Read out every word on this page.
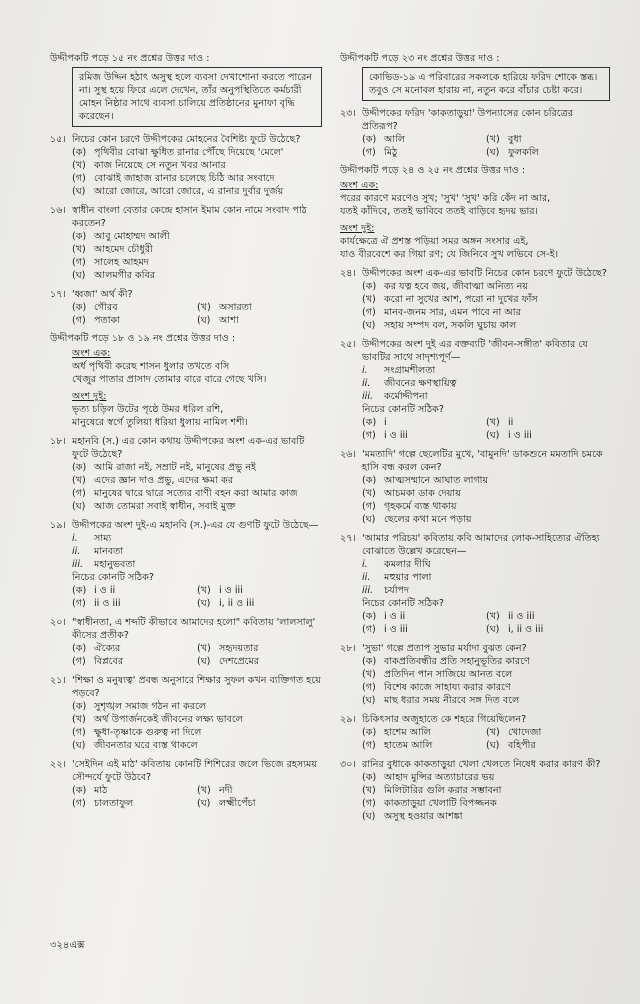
উদ্দীপকটি পড়ে ১৫ নং প্রশ্নের উত্তর দাও :

রমিজ উদ্দিন হঠাৎ অসুস্থ হলে ব্যবসা দেখাশোনা করতে পারেন না। সুস্থ হয়ে ফিরে এলে দেখেন, তাঁর অনুপস্থিতিতে কর্মচারী মোহন নিষ্ঠার সাথে ব্যবসা চালিয়ে প্রতিষ্ঠানের মুনাফা বৃদ্ধি করেছেন।
১৫। নিচের কোন চরণে উদ্দীপকের মোহনের বৈশিষ্ট্য ফুটে উঠেছে?
(ক) পৃথিবীর বোঝা ক্ষুধিত রানার পৌঁছে দিয়েছে 'মেলে'
(খ) কাজ নিয়েছে সে নতুন খবর আনার
(গ) বোঝাই জাহাজ রানার চলেছে চিঠি আর সংবাদে
(ঘ) আরো জোরে, আরো জোরে, এ রানার দুর্বার দুর্জয়
১৬। স্বাধীন বাংলা বেতার কেন্দ্রে হাসান ইমাম কোন নামে সংবাদ পাঠ করতেন?
(ক) আবু মোহাম্মদ আলী
(খ) আহমেদ চৌধুরী
(গ) সালেহ আহমদ
(ঘ) আলমগীর কবির
১৭। 'ধ্বজা' অর্থ কী?
(ক) গৌরব	(খ) অসারতা
(গ) পতাকা	(ঘ) আশা

উদ্দীপকটি পড়ে ১৮ ও ১৯ নং প্রশ্নের উত্তর দাও :

অংশ এক:
অর্ধ পৃথিবী করেছ শাসন ধুলার তখতে বসি
খেজুর পাতার প্রাসাদ তোমার বারে বারে গেছে খসি।
অংশ দুই:
ভৃত্য চড়িল উটের পৃষ্ঠে উমর ধরিল রশি,
মানুষেরে স্বর্গে তুলিয়া ধরিয়া ধুলায় নামিল শশী।
১৮। মহানবি (স.) এর কোন কথায় উদ্দীপকের অংশ এক-এর ভাবটি ফুটে উঠেছে?
(ক) আমি রাজা নই, সম্রাট নই, মানুষের প্রভু নই
(খ) এদের জ্ঞান দাও প্রভু, এদের ক্ষমা কর
(গ) মানুষের দ্বারে দ্বারে সত্যের বাণী বহন করা আমার কাজ
(ঘ) আজ তোমরা সবাই স্বাধীন, সবাই মুক্ত
১৯। উদ্দীপকের অংশ দুই-এ মহানবি (স.)-এর যে গুণটি ফুটে উঠেছে—
i.	সাম্য
ii.	মানবতা
iii.	মহানুভবতা
নিচের কোনটি সঠিক?
(ক) i ও ii	(খ) i ও iii
(গ) ii ও iii	(ঘ) i, ii ও iii
২০। "স্বাধীনতা, এ শব্দটি কীভাবে আমাদের হলো" কবিতায় 'লালসালু' কীসের প্রতীক?
(ক) ঐক্যের	(খ) সহৃদয়তার
(গ) বিপ্লবের	(ঘ) দেশপ্রেমের
২১। 'শিক্ষা ও মনুষ্যত্ব' প্রবন্ধ অনুসারে শিক্ষার সুফল কখন ব্যক্তিগত হয়ে পড়বে?
(ক) সুশৃঙ্খল সমাজ গঠন না করলে
(খ) অর্থ উপার্জনকেই জীবনের লক্ষ্য ভাবলে
(গ) ক্ষুধা-তৃষ্ণাকে গুরুত্ব না দিলে
(ঘ) জীবনতার ঘরে ব্যস্ত থাকলে
২২। 'সেইদিন এই মাঠ' কবিতায় কোনটি শিশিরের জলে ভিজে রহস্যময় সৌন্দর্যে ফুটে উঠবে?
(ক) মাঠ	(খ) নদী
(গ) চালতাফুল	(ঘ) লক্ষ্মীপেঁচা

উদ্দীপকটি পড়ে ২৩ নং প্রশ্নের উত্তর দাও :

কোভিড-১৯ এ পরিবারের সকলকে হারিয়ে ফরিদ শোকে স্তব্ধ। তবুও সে মনোবল হারায় না, নতুন করে বাঁচার চেষ্টা করে।
২৩। উদ্দীপকের ফরিদ 'কাকতাড়ুয়া' উপন্যাসের কোন চরিত্রের প্রতিরূপ?
(ক) আলি	(খ) বুধা
(গ) মিঠু	(ঘ) ফুলকলি

উদ্দীপকটি পড়ে ২৪ ও ২৫ নং প্রশ্নের উত্তর দাও :

অংশ এক:
পরের কারণে মরণেও সুখ; 'সুখ' 'সুখ' করি কেঁদ না আর,
যতই কাঁদিবে, ততই ভাবিবে ততই বাড়িবে হৃদয় ভার।
অংশ দুই:
কার্যক্ষেত্রে ঐ প্রশস্ত পড়িয়া সমর অঙ্গন সংসার এই,
যাও বীরবেশে কর গিয়া রণ; যে জিনিবে সুখ লভিবে সে-ই।
২৪। উদ্দীপকের অংশ এক-এর ভাবটি নিচের কোন চরণে ফুটে উঠেছে?
(ক) কর যত্ন হবে জয়, জীবাত্মা অনিত্য নয়
(খ) করো না সুখের আশ, পরো না দুখের ফাঁস
(গ) মানব-জনম সার, এমন পাবে না আর
(ঘ) সহায় সম্পদ বল, সকলি ঘুচায় কাল
২৫। উদ্দীপকের অংশ দুই এর বক্তব্যটি 'জীবন-সঙ্গীত' কবিতার যে ভাবটির সাথে সাদৃশ্যপূর্ণ—
i.	সংগ্রামশীলতা
ii.	জীবনের ক্ষণস্থায়িত্ব
iii.	কর্মোদ্দীপনা
নিচের কোনটি সঠিক?
(ক) i	(খ) ii
(গ) i ও iii	(ঘ) i ও iii
২৬। 'মমতাদি' গল্পে ছেলেটির মুখে, 'বামুনদি' ডাকশুনে মমতাদি চমকে হাসি বন্ধ করল কেন?
(ক) আত্মসম্মানে আঘাত লাগায়
(খ) আচমকা ডাক দেয়ায়
(গ) গৃহকর্মে ব্যস্ত থাকায়
(ঘ) ছেলের কথা মনে পড়ায়
২৭। 'আমার পরিচয়' কবিতায় কবি আমাদের লোক-সাহিত্যের ঐতিহ্য বোঝাতে উল্লেখ করেছেন—
i.	কমলার দীঘি
ii.	মহুয়ার পালা
iii.	চর্যাপদ
নিচের কোনটি সঠিক?
(ক) i ও ii	(খ) ii ও iii
(গ) i ও iii	(ঘ) i, ii ও iii
২৮। 'সুভা' গল্পে প্রতাপ সুভার মর্যাদা বুঝত কেন?
(ক) বাকপ্রতিবন্ধীর প্রতি সহানুভূতির কারণে
(খ) প্রতিদিন পান সাজিয়ে আনত বলে
(গ) বিশেষ কাজে সাহায্য করার কারণে
(ঘ) মাছ ধরার সময় নীরবে সঙ্গ দিত বলে
২৯। চিকিৎসার অজুহাতে কে শহরে গিয়েছিলেন?
(ক) হাশেম আলি	(খ) খোদেজা
(গ) হাতেম আলি	(ঘ) বহিপীর
৩০। রানির বুধাকে কাকতাড়ুয়া খেলা খেলতে নিষেধ করার কারণ কী?
(ক) আহাদ মুন্সির অত্যাচারের ভয়
(খ) মিলিটারির গুলি করার সম্ভাবনা
(গ) কাকতাড়ুয়া খেলাটি বিপজ্জনক
(ঘ) অসুস্থ হওয়ার আশঙ্কা
৩২৪এক্স
